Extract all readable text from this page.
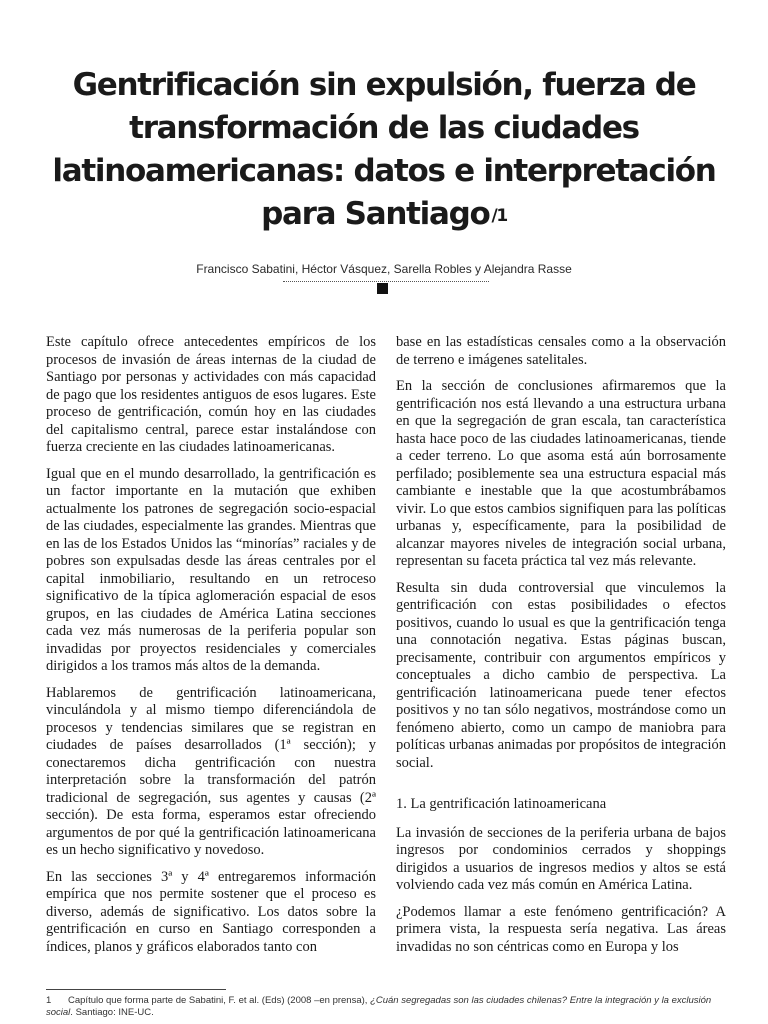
Gentrificación sin expulsión, fuerza de transformación de las ciudades latinoamericanas: datos e interpretación para Santiago $^{/1}$
Francisco Sabatini, Héctor Vásquez, Sarella Robles y Alejandra Rasse

Este capítulo ofrece antecedentes empíricos de los procesos de invasión de áreas internas de la ciudad de Santiago por personas y actividades con más capacidad de pago que los residentes antiguos de esos lugares. Este proceso de gentrificación, común hoy en las ciudades del capitalismo central, parece estar instalándose con fuerza creciente en las ciudades latinoamericanas.

Igual que en el mundo desarrollado, la gentrificación es un factor importante en la mutación que exhiben actualmente los patrones de segregación socio-espacial de las ciudades, especialmente las grandes. Mientras que en las de los Estados Unidos las “minorías” raciales y de pobres son expulsadas desde las áreas centrales por el capital inmobiliario, resultando en un retroceso significativo de la típica aglomeración espacial de esos grupos, en las ciudades de América Latina secciones cada vez más numerosas de la periferia popular son invadidas por proyectos residenciales y comerciales dirigidos a los tramos más altos de la demanda.

Hablaremos de gentrificación latinoamericana, vinculándola y al mismo tiempo diferenciándola de procesos y tendencias similares que se registran en ciudades de países desarrollados (1ª sección); y conectaremos dicha gentrificación con nuestra interpretación sobre la transformación del patrón tradicional de segregación, sus agentes y causas (2ª sección). De esta forma, esperamos estar ofreciendo argumentos de por qué la gentrificación latinoamericana es un hecho significativo y novedoso.

En las secciones 3ª y 4ª entregaremos información empírica que nos permite sostener que el proceso es diverso, además de significativo. Los datos sobre la gentrificación en curso en Santiago corresponden a índices, planos y gráficos elaborados tanto con

base en las estadísticas censales como a la observación de terreno e imágenes satelitales.

En la sección de conclusiones afirmaremos que la gentrificación nos está llevando a una estructura urbana en que la segregación de gran escala, tan característica hasta hace poco de las ciudades latinoamericanas, tiende a ceder terreno. Lo que asoma está aún borrosamente perfilado; posiblemente sea una estructura espacial más cambiante e inestable que la que acostumbrábamos vivir. Lo que estos cambios signifiquen para las políticas urbanas y, específicamente, para la posibilidad de alcanzar mayores niveles de integración social urbana, representan su faceta práctica tal vez más relevante.

Resulta sin duda controversial que vinculemos la gentrificación con estas posibilidades o efectos positivos, cuando lo usual es que la gentrificación tenga una connotación negativa. Estas páginas buscan, precisamente, contribuir con argumentos empíricos y conceptuales a dicho cambio de perspectiva. La gentrificación latinoamericana puede tener efectos positivos y no tan sólo negativos, mostrándose como un fenómeno abierto, como un campo de maniobra para políticas urbanas animadas por propósitos de integración social.

1. La gentrificación latinoamericana

La invasión de secciones de la periferia urbana de bajos ingresos por condominios cerrados y shoppings dirigidos a usuarios de ingresos medios y altos se está volviendo cada vez más común en América Latina.

¿Podemos llamar a este fenómeno gentrificación? A primera vista, la respuesta sería negativa. Las áreas invadidas no son céntricas como en Europa y los

1 Capítulo que forma parte de Sabatini, F. et al. (Eds) (2008 –en prensa), ¿Cuán segregadas son las ciudades chilenas? Entre la integración y la exclusión social. Santiago: INE-UC.
